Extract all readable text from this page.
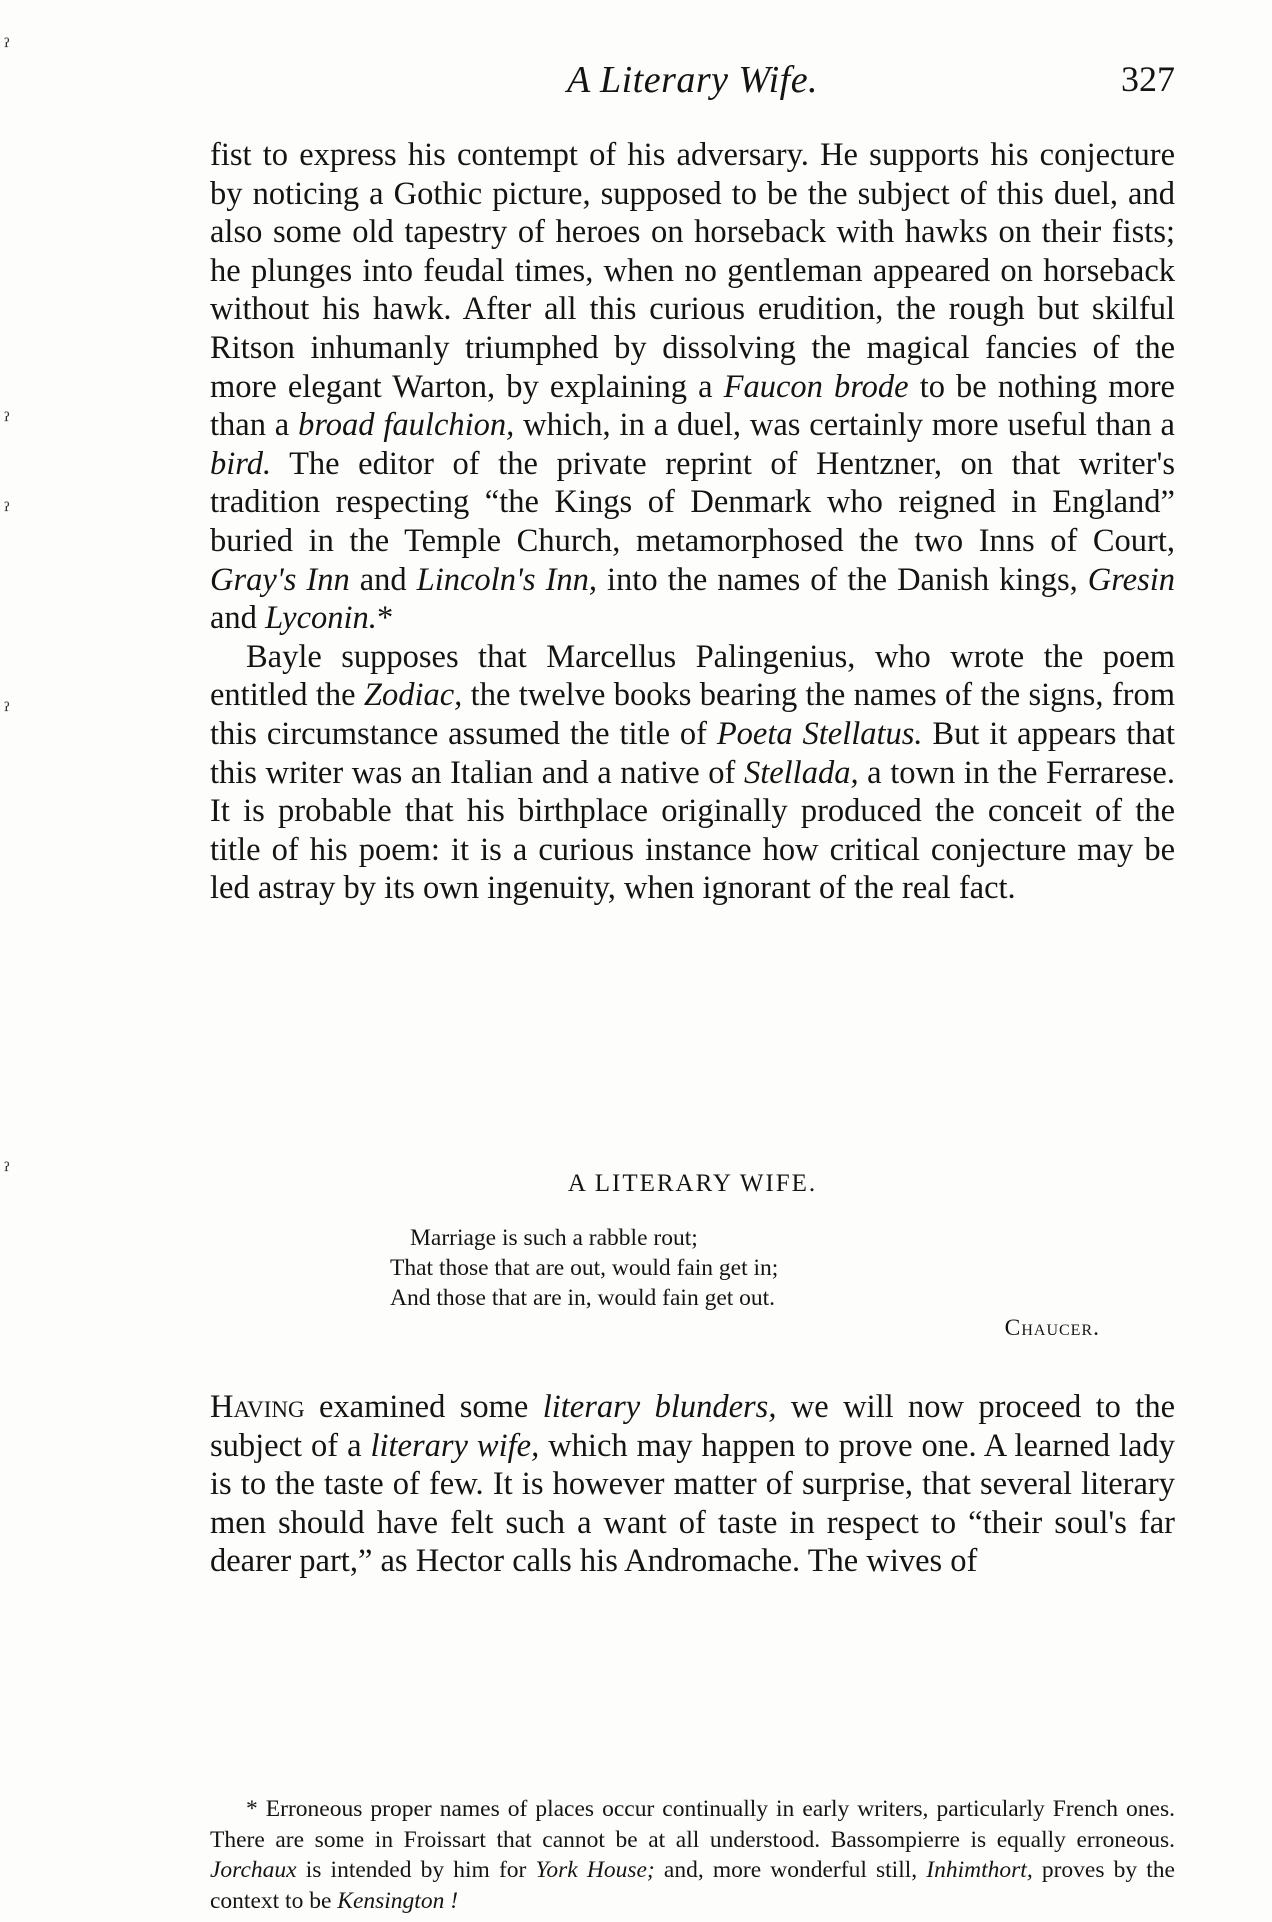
A Literary Wife.	327

fist to express his contempt of his adversary. He supports his conjecture by noticing a Gothic picture, supposed to be the subject of this duel, and also some old tapestry of heroes on horseback with hawks on their fists; he plunges into feudal times, when no gentleman appeared on horseback without his hawk. After all this curious erudition, the rough but skilful Ritson inhumanly triumphed by dissolving the magical fancies of the more elegant Warton, by explaining a Faucon brode to be nothing more than a broad faulchion, which, in a duel, was certainly more useful than a bird. The editor of the private reprint of Hentzner, on that writer's tradition respecting “the Kings of Denmark who reigned in England” buried in the Temple Church, metamorphosed the two Inns of Court, Gray's Inn and Lincoln's Inn, into the names of the Danish kings, Gresin and Lyconin.*

Bayle supposes that Marcellus Palingenius, who wrote the poem entitled the Zodiac, the twelve books bearing the names of the signs, from this circumstance assumed the title of Poeta Stellatus. But it appears that this writer was an Italian and a native of Stellada, a town in the Ferrarese. It is probable that his birthplace originally produced the conceit of the title of his poem: it is a curious instance how critical conjecture may be led astray by its own ingenuity, when ignorant of the real fact.

A LITERARY WIFE.
Marriage is such a rabble rout;
That those that are out, would fain get in;
And those that are in, would fain get out.
Chaucer.

Having examined some literary blunders, we will now proceed to the subject of a literary wife, which may happen to prove one. A learned lady is to the taste of few. It is however matter of surprise, that several literary men should have felt such a want of taste in respect to “their soul's far dearer part,” as Hector calls his Andromache. The wives of

* Erroneous proper names of places occur continually in early writers, particularly French ones. There are some in Froissart that cannot be at all understood. Bassompierre is equally erroneous. Jorchaux is intended by him for York House; and, more wonderful still, Inhimthort, proves by the context to be Kensington !

ˀ
ˀ
ˀ
ˀ
ˀ
